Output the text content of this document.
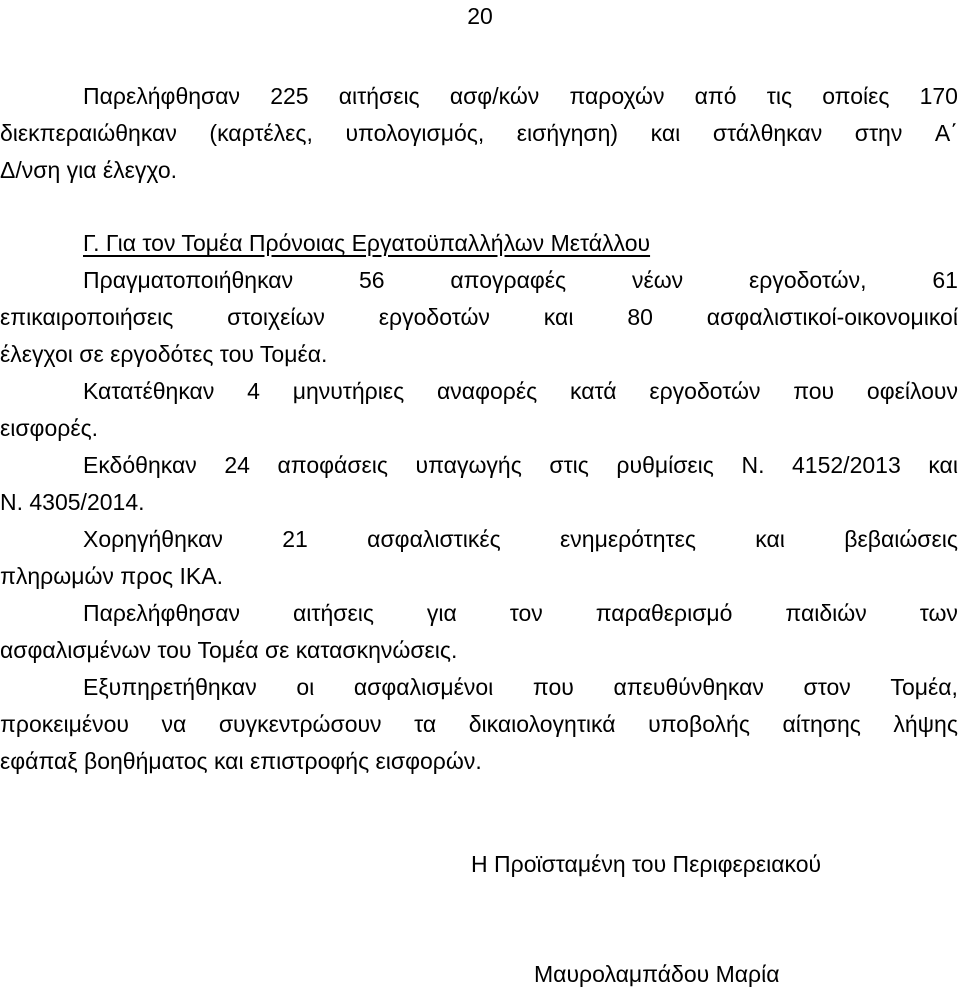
20
Παρελήφθησαν 225 αιτήσεις ασφ/κών παροχών από τις οποίες 170
διεκπεραιώθηκαν (καρτέλες, υπολογισμός, εισήγηση) και στάλθηκαν στην Α΄
Δ/νση για έλεγχο.
Γ. Για τον Τομέα Πρόνοιας Εργατοϋπαλλήλων Μετάλλου
Πραγματοποιήθηκαν	56	απογραφές	νέων	εργοδοτών,	61
επικαιροποιήσεις στοιχείων εργοδοτών και 80 ασφαλιστικοί-οικονομικοί
έλεγχοι σε εργοδότες του Τομέα.
Κατατέθηκαν 4 μηνυτήριες αναφορές κατά εργοδοτών που οφείλουν
εισφορές.
Εκδόθηκαν 24 αποφάσεις υπαγωγής στις ρυθμίσεις Ν. 4152/2013 και
Ν. 4305/2014.
Χορηγήθηκαν	21	ασφαλιστικές	ενημερότητες	και	βεβαιώσεις
πληρωμών προς ΙΚΑ.
Παρελήφθησαν αιτήσεις για τον παραθερισμό παιδιών των
ασφαλισμένων του Τομέα σε κατασκηνώσεις.
Εξυπηρετήθηκαν οι ασφαλισμένοι που απευθύνθηκαν στον Τομέα,
προκειμένου να συγκεντρώσουν τα δικαιολογητικά υποβολής αίτησης λήψης
εφάπαξ βοηθήματος και επιστροφής εισφορών.
Η Προϊσταμένη του Περιφερειακού
Μαυρολαμπάδου Μαρία
